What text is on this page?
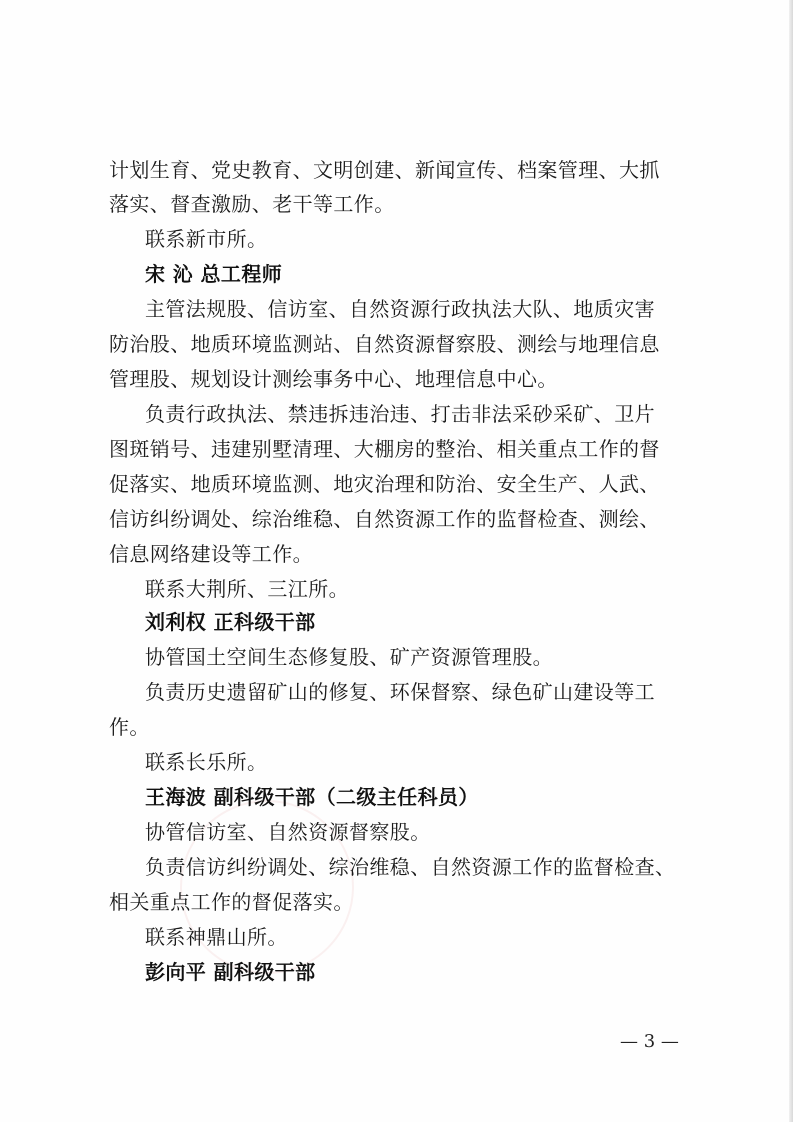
计划生育、党史教育、文明创建、新闻宣传、档案管理、大抓

落实、督查激励、老干等工作。

联系新市所。

宋 沁 总工程师

主管法规股、信访室、自然资源行政执法大队、地质灾害

防治股、地质环境监测站、自然资源督察股、测绘与地理信息

管理股、规划设计测绘事务中心、地理信息中心。

负责行政执法、禁违拆违治违、打击非法采砂采矿、卫片

图斑销号、违建别墅清理、大棚房的整治、相关重点工作的督

促落实、地质环境监测、地灾治理和防治、安全生产、人武、

信访纠纷调处、综治维稳、自然资源工作的监督检查、测绘、

信息网络建设等工作。

联系大荆所、三江所。

刘利权 正科级干部

协管国土空间生态修复股、矿产资源管理股。

负责历史遗留矿山的修复、环保督察、绿色矿山建设等工

作。

联系长乐所。

王海波 副科级干部（二级主任科员）

协管信访室、自然资源督察股。

负责信访纠纷调处、综治维稳、自然资源工作的监督检查、

相关重点工作的督促落实。

联系神鼎山所。

彭向平 副科级干部

— 3 —
